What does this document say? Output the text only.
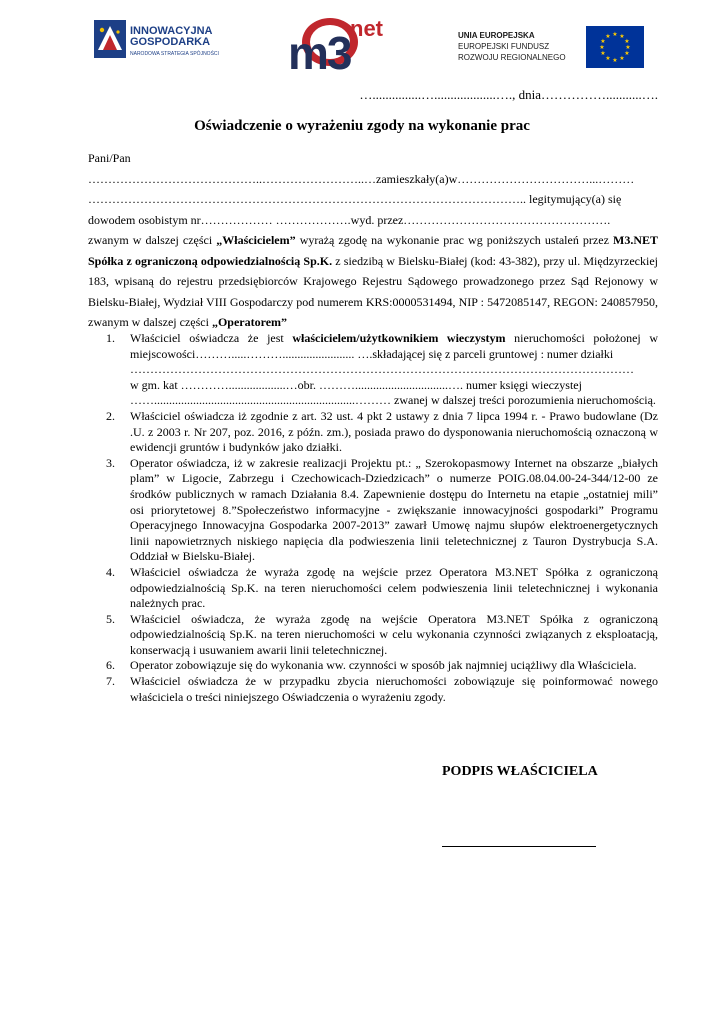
INNOWACYJNA
GOSPODARKA
NARODOWA STRATEGIA SPÓJNOŚCI m3 net	UNIA EUROPEJSKA
EUROPEJSKI FUNDUSZ
ROZWOJU REGIONALNEGO
★ ★
★
★
★
★
★
★
★
★
★
★
…...............…...................…., dnia……………...........….
Oświadczenie o wyrażeniu zgody na wykonanie prac

Pani/Pan

……………………………………..……………………..…zamieszkały(a)w……………………………...………

……………………………………………………………………………………………….. legitymujący(a) się

dowodem osobistym nr……………… ……………….wyd. przez…………………………………………….

zwanym w dalszej części „Właścicielem” wyrażą zgodę na wykonanie prac wg poniższych ustaleń przez M3.NET Spółka z ograniczoną odpowiedzialnością Sp.K. z siedzibą w Bielsku-Białej (kod: 43-382), przy ul. Międzyrzeckiej 183, wpisaną do rejestru przedsiębiorców Krajowego Rejestru Sądowego prowadzonego przez Sąd Rejonowy w Bielsku-Białej, Wydział VIII Gospodarczy pod numerem KRS:0000531494, NIP : 5472085147, REGON: 240857950, zwanym w dalszej części „Operatorem”

1. Właściciel oświadcza że jest właścicielem/użytkownikiem wieczystym nieruchomości położonej w
miejscowości……….....………........................ ….składającej się z parceli gruntowej : numer działki
………………………………………………………………………………………………………………
w gm. kat …………...................…obr. ………...............................…. numer księgi wieczystej
……...................................................................……… zwanej w dalszej treści porozumienia nieruchomością.
2. Właściciel oświadcza iż zgodnie z art. 32 ust. 4 pkt 2 ustawy z dnia 7 lipca 1994 r. - Prawo budowlane (Dz .U. z 2003 r. Nr 207, poz. 2016, z późn. zm.), posiada prawo do dysponowania nieruchomością oznaczoną w ewidencji gruntów i budynków jako działki.
3. Operator oświadcza, iż w zakresie realizacji Projektu pt.: „ Szerokopasmowy Internet na obszarze „białych plam” w Ligocie, Zabrzegu i Czechowicach-Dziedzicach” o numerze POIG.08.04.00-24-344/12-00 ze środków publicznych w ramach Działania 8.4. Zapewnienie dostępu do Internetu na etapie „ostatniej mili” osi priorytetowej 8.”Społeczeństwo informacyjne - zwiększanie innowacyjności gospodarki” Programu Operacyjnego Innowacyjna Gospodarka 2007-2013” zawarł Umowę najmu słupów elektroenergetycznych linii napowietrznych niskiego napięcia dla podwieszenia linii teletechnicznej z Tauron Dystrybucja S.A. Oddział w Bielsku-Białej.
4. Właściciel oświadcza że wyraża zgodę na wejście przez Operatora M3.NET Spółka z ograniczoną odpowiedzialnością Sp.K. na teren nieruchomości celem podwieszenia linii teletechnicznej i wykonania należnych prac.
5. Właściciel oświadcza, że wyraża zgodę na wejście Operatora M3.NET Spółka z ograniczoną odpowiedzialnością Sp.K. na teren nieruchomości w celu wykonania czynności związanych z eksploatacją, konserwacją i usuwaniem awarii linii teletechnicznej.
6. Operator zobowiązuje się do wykonania ww. czynności w sposób jak najmniej uciążliwy dla Właściciela.
7. Właściciel oświadcza że w przypadku zbycia nieruchomości zobowiązuje się poinformować nowego właściciela o treści niniejszego Oświadczenia o wyrażeniu zgody.
PODPIS WŁAŚCICIELA
